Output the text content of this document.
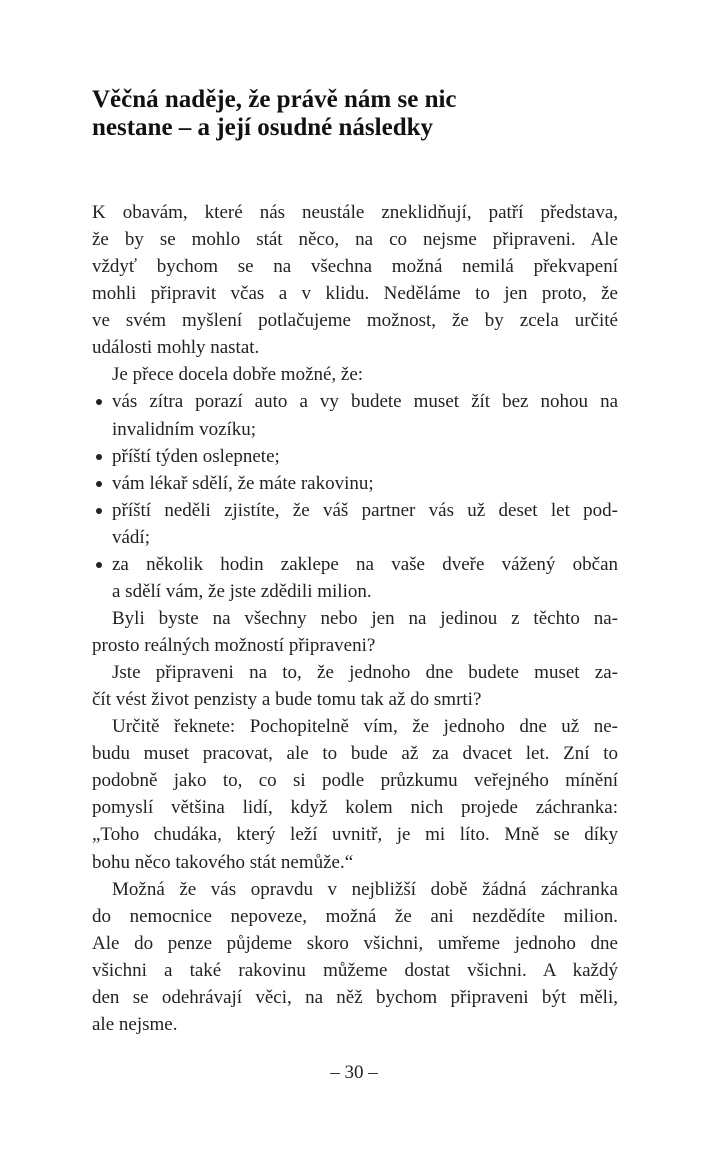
Věčná naděje, že právě nám se nic
nestane – a její osudné následky
K obavám, které nás neustále zneklidňují, patří představa,
že by se mohlo stát něco, na co nejsme připraveni. Ale
vždyť bychom se na všechna možná nemilá překvapení
mohli připravit včas a v klidu. Neděláme to jen proto, že
ve svém myšlení potlačujeme možnost, že by zcela určité
události mohly nastat.
Je přece docela dobře možné, že:
vás zítra porazí auto a vy budete muset žít bez nohou na
invalidním vozíku;
příští týden oslepnete;
vám lékař sdělí, že máte rakovinu;
příští neděli zjistíte, že váš partner vás už deset let pod-
vádí;
za několik hodin zaklepe na vaše dveře vážený občan
a sdělí vám, že jste zdědili milion.
Byli byste na všechny nebo jen na jedinou z těchto na-
prosto reálných možností připraveni?
Jste připraveni na to, že jednoho dne budete muset za-
čít vést život penzisty a bude tomu tak až do smrti?
Určitě řeknete: Pochopitelně vím, že jednoho dne už ne-
budu muset pracovat, ale to bude až za dvacet let. Zní to
podobně jako to, co si podle průzkumu veřejného mínění
pomyslí většina lidí, když kolem nich projede záchranka:
„Toho chudáka, který leží uvnitř, je mi líto. Mně se díky
bohu něco takového stát nemůže.“
Možná že vás opravdu v nejbližší době žádná záchranka
do nemocnice nepoveze, možná že ani nezdědíte milion.
Ale do penze půjdeme skoro všichni, umřeme jednoho dne
všichni a také rakovinu můžeme dostat všichni. A každý
den se odehrávají věci, na něž bychom připraveni být měli,
ale nejsme.
– 30 –
